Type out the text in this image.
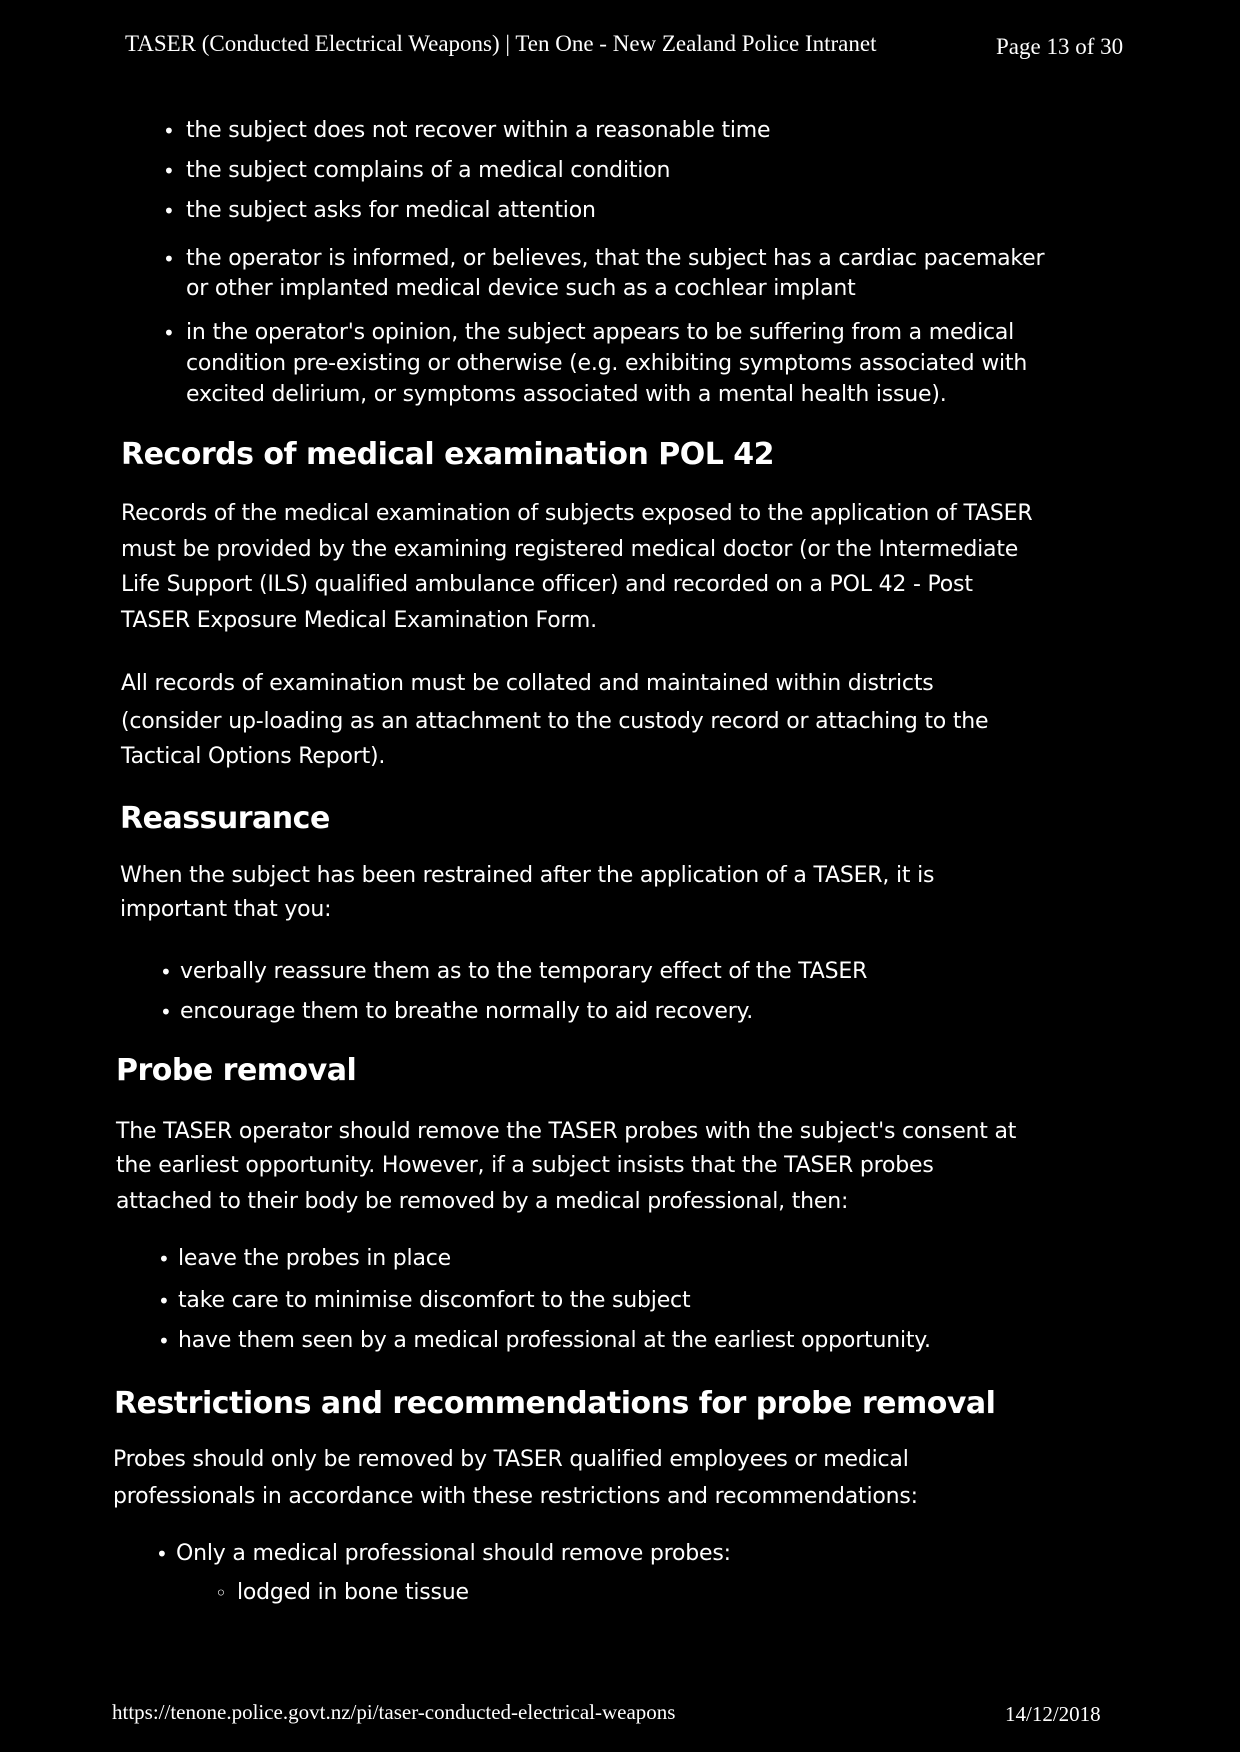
TASER (Conducted Electrical Weapons) | Ten One - New Zealand Police Intranet	Page 13 of 30
• the subject does not recover within a reasonable time
• the subject complains of a medical condition
• the subject asks for medical attention
• the operator is informed, or believes, that the subject has a cardiac pacemaker
or other implanted medical device such as a cochlear implant
• in the operator's opinion, the subject appears to be suffering from a medical
condition pre-existing or otherwise (e.g. exhibiting symptoms associated with
excited delirium, or symptoms associated with a mental health issue).
Records of medical examination POL 42
Records of the medical examination of subjects exposed to the application of TASER
must be provided by the examining registered medical doctor (or the Intermediate
Life Support (ILS) qualified ambulance officer) and recorded on a POL 42 - Post
TASER Exposure Medical Examination Form.
All records of examination must be collated and maintained within districts
(consider up-loading as an attachment to the custody record or attaching to the
Tactical Options Report).
Reassurance
When the subject has been restrained after the application of a TASER, it is
important that you:
• verbally reassure them as to the temporary effect of the TASER
• encourage them to breathe normally to aid recovery.
Probe removal
The TASER operator should remove the TASER probes with the subject's consent at
the earliest opportunity. However, if a subject insists that the TASER probes
attached to their body be removed by a medical professional, then:
• leave the probes in place
• take care to minimise discomfort to the subject
• have them seen by a medical professional at the earliest opportunity.
Restrictions and recommendations for probe removal
Probes should only be removed by TASER qualified employees or medical
professionals in accordance with these restrictions and recommendations:
• Only a medical professional should remove probes:
◦ lodged in bone tissue
https://tenone.police.govt.nz/pi/taser-conducted-electrical-weapons	14/12/2018
